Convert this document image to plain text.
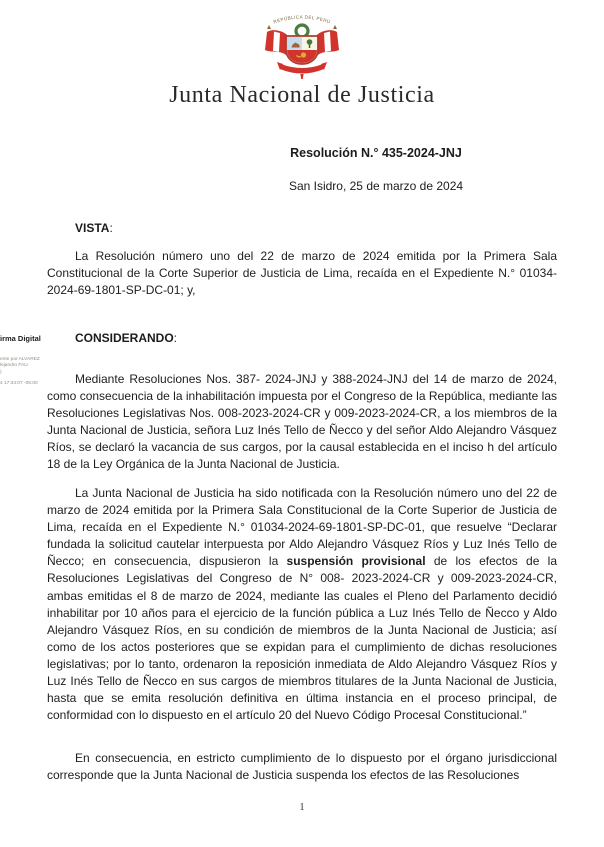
REPÚBLICA DEL PERÚ
Junta Nacional de Justicia
Resolución N.° 435-2024-JNJ
San Isidro, 25 de marzo de 2024
irma Digital
ente por ALVAREZ
lejandro FAU
)
4 17:34:07 -05:00
VISTA:
La Resolución número uno del 22 de marzo de 2024 emitida por la Primera Sala Constitucional de la Corte Superior de Justicia de Lima, recaída en el Expediente N.° 01034-2024-69-1801-SP-DC-01; y,
CONSIDERANDO:
Mediante Resoluciones Nos. 387- 2024-JNJ y 388-2024-JNJ del 14 de marzo de 2024, como consecuencia de la inhabilitación impuesta por el Congreso de la República, mediante las Resoluciones Legislativas Nos. 008-2023-2024-CR y 009-2023-2024-CR, a los miembros de la Junta Nacional de Justicia, señora Luz Inés Tello de Ñecco y del señor Aldo Alejandro Vásquez Ríos, se declaró la vacancia de sus cargos, por la causal establecida en el inciso h del artículo 18 de la Ley Orgánica de la Junta Nacional de Justicia.
La Junta Nacional de Justicia ha sido notificada con la Resolución número uno del 22 de marzo de 2024 emitida por la Primera Sala Constitucional de la Corte Superior de Justicia de Lima, recaída en el Expediente N.° 01034-2024-69-1801-SP-DC-01, que resuelve “Declarar fundada la solicitud cautelar interpuesta por Aldo Alejandro Vásquez Ríos y Luz Inés Tello de Ñecco; en consecuencia, dispusieron la suspensión provisional de los efectos de la Resoluciones Legislativas del Congreso de N° 008- 2023-2024-CR y 009-2023-2024-CR, ambas emitidas el 8 de marzo de 2024, mediante las cuales el Pleno del Parlamento decidió inhabilitar por 10 años para el ejercicio de la función pública a Luz Inés Tello de Ñecco y Aldo Alejandro Vásquez Ríos, en su condición de miembros de la Junta Nacional de Justicia; así como de los actos posteriores que se expidan para el cumplimiento de dichas resoluciones legislativas; por lo tanto, ordenaron la reposición inmediata de Aldo Alejandro Vásquez Ríos y Luz Inés Tello de Ñecco en sus cargos de miembros titulares de la Junta Nacional de Justicia, hasta que se emita resolución definitiva en última instancia en el proceso principal, de conformidad con lo dispuesto en el artículo 20 del Nuevo Código Procesal Constitucional.”
En consecuencia, en estricto cumplimiento de lo dispuesto por el órgano jurisdiccional corresponde que la Junta Nacional de Justicia suspenda los efectos de las Resoluciones
1
